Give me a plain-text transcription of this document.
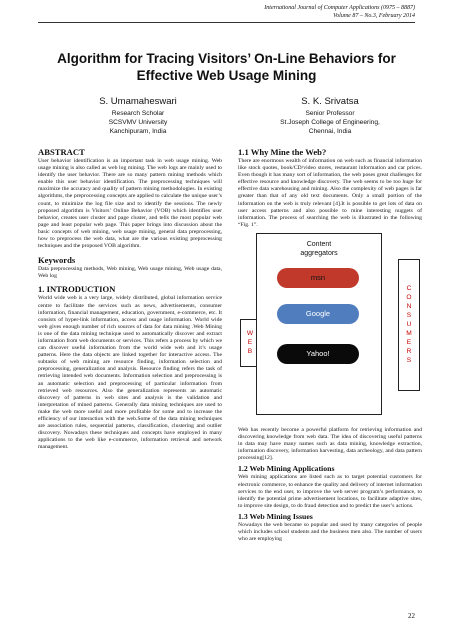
International Journal of Computer Applications (0975 – 8887)
Volume 87 – No.3, February 2014
Algorithm for Tracing Visitors’ On-Line Behaviors for
Effective Web Usage Mining
S. Umamaheswari
Research Scholar
SCSVMV University
Kanchipuram, India
S. K. Srivatsa
Senior Professor
St.Joseph College of Engineering,
Chennai, India
ABSTRACT
User behavior identification is an important task in web usage mining. Web usage mining is also called as web log mining. The web logs are mainly used to identify the user behavior. There are so many pattern mining methods which enable this user behavior identification. The preprocessing techniques will maximize the accuracy and quality of pattern mining methodologies. In existing algorithms, the preprocessing concepts are applied to calculate the unique user’s count, to minimize the log file size and to identify the sessions. The newly proposed algorithm is Visitors’ Online Behavior (VOB) which identifies user behavior, creates user cluster and page cluster, and tells the most popular web page and least popular web page. This paper brings into discussion about the basic concepts of web mining, web usage mining, general data preprocessing, how to preprocess the web data, what are the various existing preprocessing techniques and the proposed VOB algorithm.
Keywords
Data preprocessing methods, Web mining, Web usage mining, Web usage data, Web log
1. INTRODUCTION
World wide web is a very large, widely distributed, global information service centre to facilitate the services such as news, advertisements, consumer information, financial management, education, government, e-commerce, etc. It consists of hyper-link information, access and usage information. World wide web gives enough number of rich sources of data for data mining .Web Mining is one of the data mining technique used to automatically discover and extract information from web documents or services. This refers a process by which we can discover useful information from the world wide web and it’s usage patterns. Here the data objects are linked together for interactive access. The subtasks of web mining are resource finding, information selection and preprocessing, generalization and analysis. Resource finding refers the task of retrieving intended web documents. Information selection and preprocessing is an automatic selection and preprocessing of particular information from retrieved web resources. Also the generalization represents an automatic discovery of patterns in web sites and analysis is the validation and interpretation of mined patterns. Generally data mining techniques are used to make the web more useful and more profitable for some and to increase the efficiency of our interaction with the web.Some of the data mining techniques are association rules, sequential patterns, classification, clustering and outlier discovery. Nowadays these techniques and concepts have employed in many applications to the web like e-commerce, information retrieval and network management.
1.1 Why Mine the Web?
There are enormous wealth of information on web such as financial information like stock quotes, book/CD/video stores, restaurant information and car prices. Even though it has many sort of information, the web poses great challenges for effective resource and knowledge discovery. The web seems to be too huge for effective data warehousing and mining. Also the complexity of web pages is far greater than that of any old text documents. Only a small portion of the information on the web is truly relevant [4].It is possible to get lots of data on user access patterns and also possible to mine interesting nuggets of information. The process of searching the web is illustrated in the following “Fig. 1”.
W
E
B
Content
aggregators
msn
Google
Yahoo!
C
O
N
S
U
M
E
R
S
Web has recently become a powerful platform for retrieving information and discovering knowledge from web data. The idea of discovering useful patterns in data may have many names such as data mining, knowledge extraction, information discovery, information harvesting, data archeology, and data pattern processing[12].
1.2 Web Mining Applications
Web mining applications are listed such as to target potential customers for electronic commerce, to enhance the quality and delivery of internet information services to the end user, to improve the web server program’s performance, to identify the potential prime advertisement locations, to facilitate adaptive sites, to improve site design, to do fraud detection and to predict the user’s actions.
1.3 Web Mining Issues
Nowadays the web became so popular and used by many categories of people which includes school students and the business men also. The number of users who are employing
22
